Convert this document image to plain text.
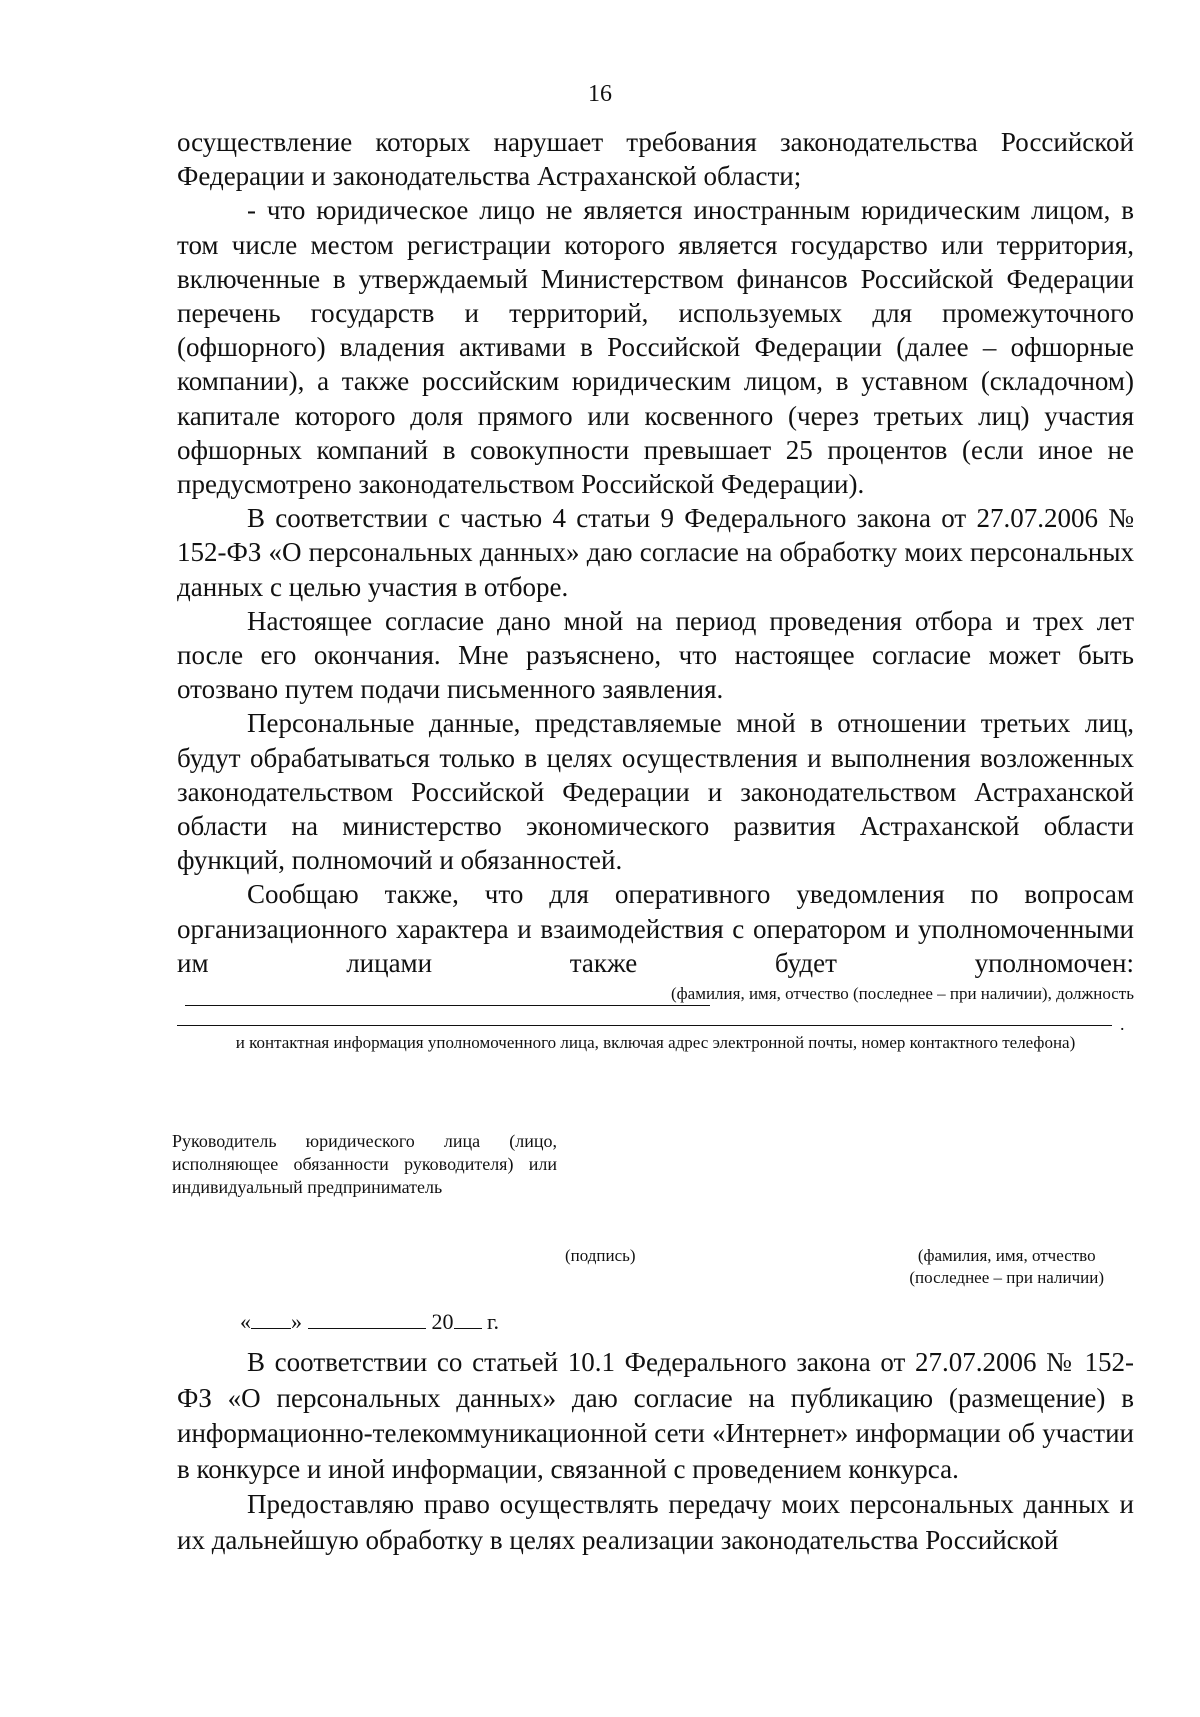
16

осуществление которых нарушает требования законодательства Российской Федерации и законодательства Астраханской области;

- что юридическое лицо не является иностранным юридическим лицом, в том числе местом регистрации которого является государство или территория, включенные в утверждаемый Министерством финансов Российской Федерации перечень государств и территорий, используемых для промежуточного (офшорного) владения активами в Российской Федерации (далее – офшорные компании), а также российским юридическим лицом, в уставном (складочном) капитале которого доля прямого или косвенного (через третьих лиц) участия офшорных компаний в совокупности превышает 25 процентов (если иное не предусмотрено законодательством Российской Федерации).

В соответствии с частью 4 статьи 9 Федерального закона от 27.07.2006 № 152-ФЗ «О персональных данных» даю согласие на обработку моих персональных данных с целью участия в отборе.

Настоящее согласие дано мной на период проведения отбора и трех лет после его окончания. Мне разъяснено, что настоящее согласие может быть отозвано путем подачи письменного заявления.

Персональные данные, представляемые мной в отношении третьих лиц, будут обрабатываться только в целях осуществления и выполнения возложенных законодательством Российской Федерации и законодательством Астраханской области на министерство экономического развития Астраханской области функций, полномочий и обязанностей.

Сообщаю также, что для оперативного уведомления по вопросам организационного характера и взаимодействия с оператором и уполномоченными им лицами также будет уполномочен:

(фамилия, имя, отчество (последнее – при наличии), должность
.
и контактная информация уполномоченного лица, включая адрес электронной почты, номер контактного телефона)
Руководитель юридического лица (лицо, исполняющее обязанности руководителя) или индивидуальный предприниматель
(подпись)	(фамилия, имя, отчество
(последнее – при наличии)
« »	20 г.

В соответствии со статьей 10.1 Федерального закона от 27.07.2006 № 152-ФЗ «О персональных данных» даю согласие на публикацию (размещение) в информационно-телекоммуникационной сети «Интернет» информации об участии в конкурсе и иной информации, связанной с проведением конкурса.

Предоставляю право осуществлять передачу моих персональных данных и их дальнейшую обработку в целях реализации законодательства Российской
